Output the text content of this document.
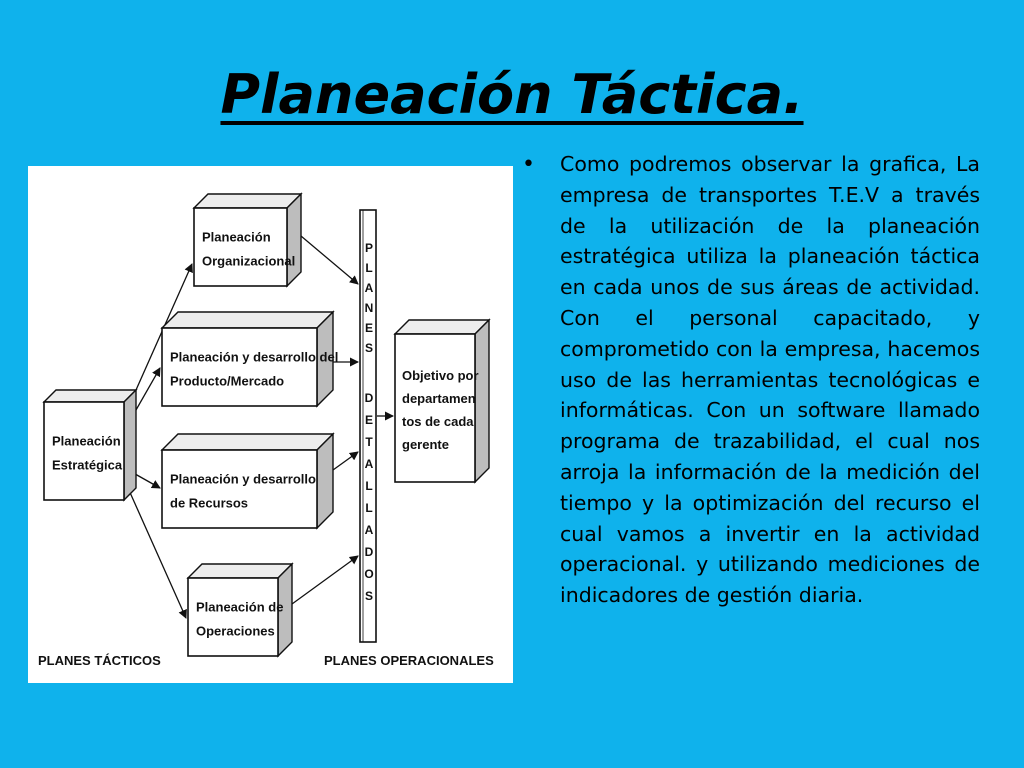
Planeación Táctica.
Planeación
Estratégica
Planeación
Organizacional
Planeación y desarrollo del
Producto/Mercado
Planeación y desarrollo
de Recursos
Planeación de
Operaciones
Objetivo por
departamen
tos de cada
gerente
P
L
A
N
E
S
D
E
T
A
L
L
A
D
O
S
PLANES TÁCTICOS	PLANES OPERACIONALES
• Como podremos observar la grafica, La empresa de transportes T.E.V a través de la utilización de la planeación estratégica utiliza la planeación táctica en cada unos de sus áreas de actividad. Con el personal capacitado, y comprometido con la empresa, hacemos uso de las herramientas tecnológicas e informáticas. Con un software llamado programa de trazabilidad, el cual nos arroja la información de la medición del tiempo y la optimización del recurso el cual vamos a invertir en la actividad operacional. y utilizando mediciones de indicadores de gestión diaria.
